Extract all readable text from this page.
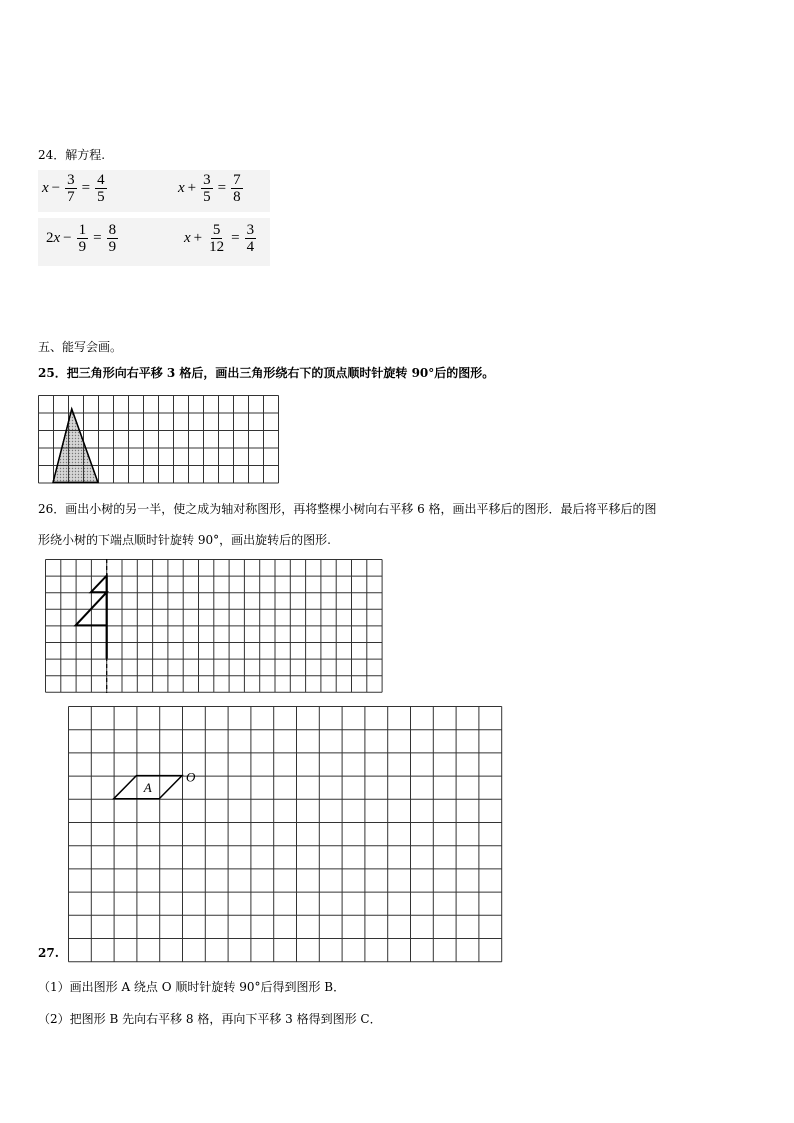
24．解方程.
$x - \frac{3}{7} = \frac{4}{5}$	$x + \frac{3}{5} = \frac{7}{8}$
2 $x - \frac{1}{9} = \frac{8}{9}$	$x + \frac{5}{12} = \frac{3}{4}$
五、能写会画。
25．把三角形向右平移 3 格后，画出三角形绕右下的顶点顺时针旋转 90°后的图形。
26．画出小树的另一半，使之成为轴对称图形，再将整棵小树向右平移 6 格，画出平移后的图形．最后将平移后的图
形绕小树的下端点顺时针旋转 90°，画出旋转后的图形.
A
O
27.
（1）画出图形 A 绕点 O 顺时针旋转 90°后得到图形 B．
（2）把图形 B 先向右平移 8 格，再向下平移 3 格得到图形 C．
